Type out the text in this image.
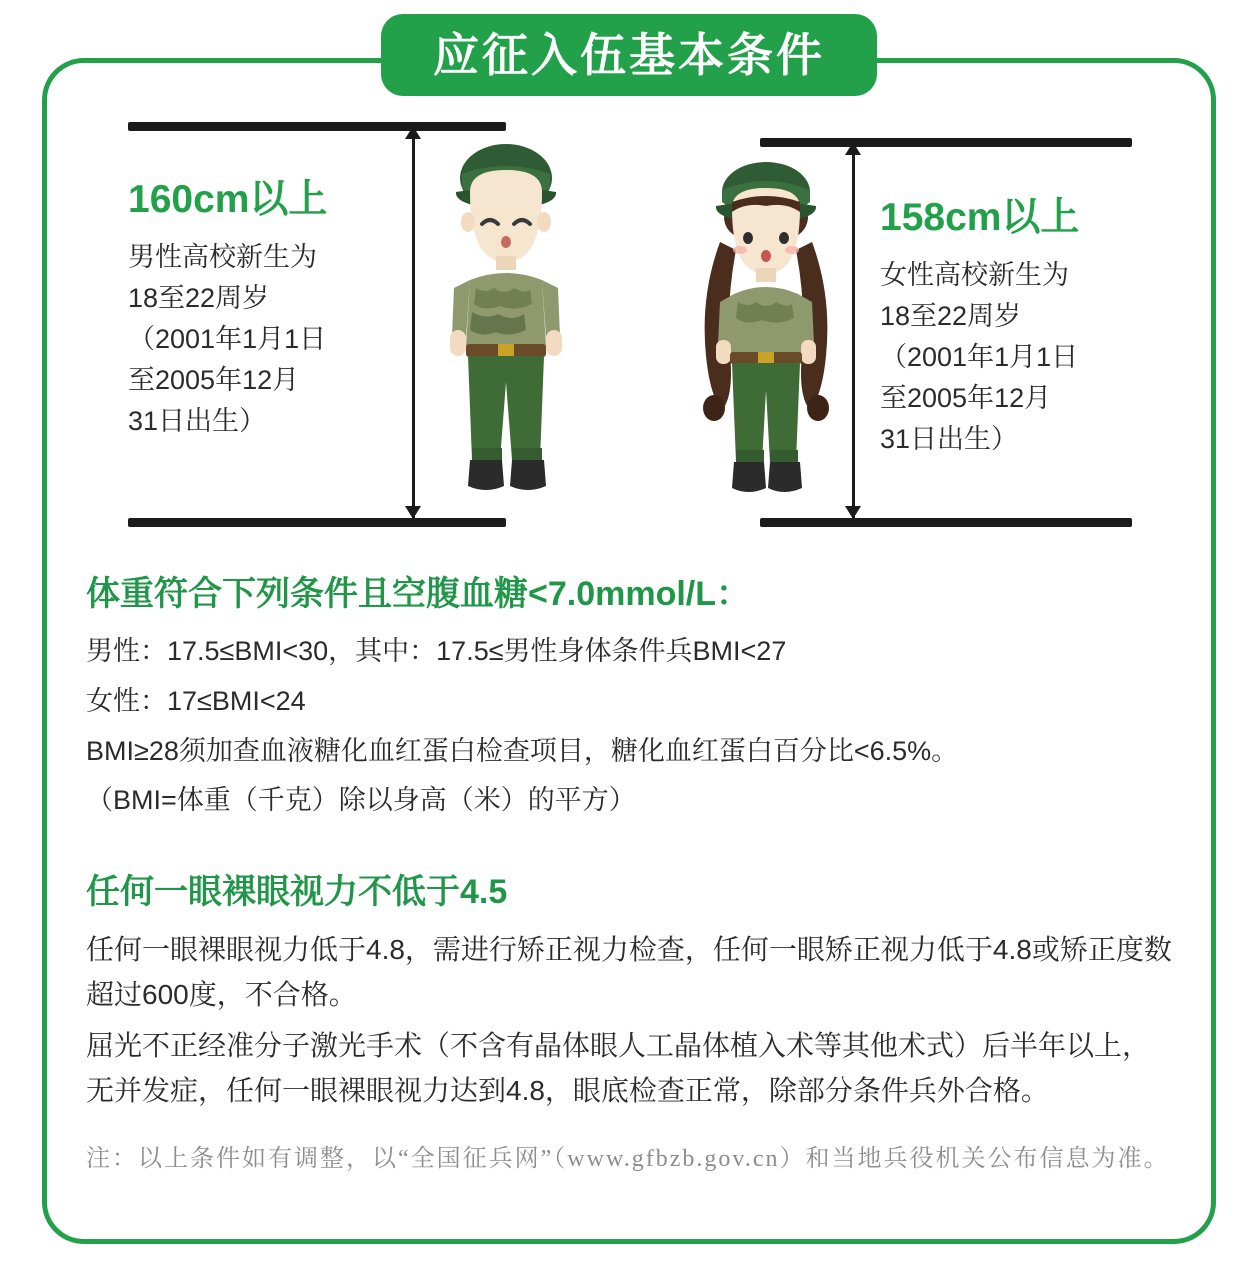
应征入伍基本条件
160cm以上
男性高校新生为
18至22周岁
（2001年1月1日
至2005年12月
31日出生）
158cm以上
女性高校新生为
18至22周岁
（2001年1月1日
至2005年12月
31日出生）
体重符合下列条件且空腹血糖<7.0mmol/L：

男性：17.5≤BMI<30，其中：17.5≤男性身体条件兵BMI<27

女性：17≤BMI<24

BMI≥28须加查血液糖化血红蛋白检查项目，糖化血红蛋白百分比<6.5%。

（BMI=体重（千克）除以身高（米）的平方）

任何一眼裸眼视力不低于4.5

任何一眼裸眼视力低于4.8，需进行矫正视力检查，任何一眼矫正视力低于4.8或矫正度数超过600度，不合格。

屈光不正经准分子激光手术（不含有晶体眼人工晶体植入术等其他术式）后半年以上，无并发症，任何一眼裸眼视力达到4.8，眼底检查正常，除部分条件兵外合格。

注：以上条件如有调整，以“全国征兵网”（www.gfbzb.gov.cn）和当地兵役机关公布信息为准。
